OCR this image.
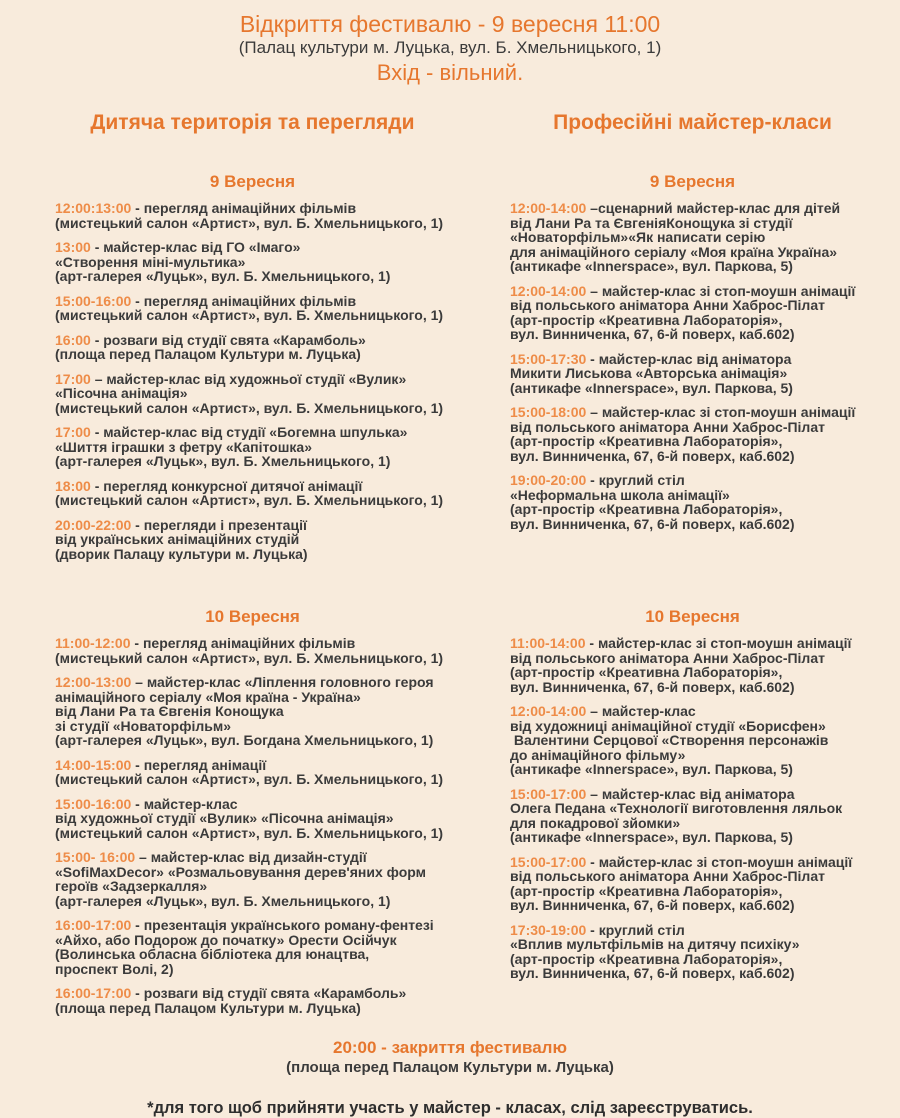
Відкриття фестивалю - 9 вересня 11:00
(Палац культури м. Луцька, вул. Б. Хмельницького, 1)
Вхід - вільний.
Дитяча територія та перегляди	Професійні майстер-класи
9 Вересня
12:00:13:00 - перегляд анімаційних фільмів
(мистецький салон «Артист», вул. Б. Хмельницького, 1)
13:00 - майстер-клас від ГО «Імаго»
«Створення міні-мультика»
(арт-галерея «Луцьк», вул. Б. Хмельницького, 1)
15:00-16:00 - перегляд анімаційних фільмів
(мистецький салон «Артист», вул. Б. Хмельницького, 1)
16:00 - розваги від студії свята «Карамболь»
(площа перед Палацом Культури м. Луцька)
17:00 – майстер-клас від художньої студії «Вулик»
«Пісочна анімація»
(мистецький салон «Артист», вул. Б. Хмельницького, 1)
17:00 - майстер-клас від студії «Богемна шпулька»
«Шиття іграшки з фетру «Капітошка»
(арт-галерея «Луцьк», вул. Б. Хмельницького, 1)
18:00 - перегляд конкурсної дитячої анімації
(мистецький салон «Артист», вул. Б. Хмельницького, 1)
20:00-22:00 - перегляди і презентації
від українських анімаційних студій
(дворик Палацу культури м. Луцька)
9 Вересня
12:00-14:00 –сценарний майстер-клас для дітей
від Лани Ра та ЄвгеніяКонощука зі студії
«Новаторфільм»«Як написати серію
для анімаційного серіалу «Моя країна Україна»
(антикафе «Innerspace», вул. Паркова, 5)
12:00-14:00 – майстер-клас зі стоп-моушн анімації
від польського аніматора Анни Хаброс-Пілат
(арт-простір «Креативна Лабораторія»,
вул. Винниченка, 67, 6-й поверх, каб.602)
15:00-17:30 - майстер-клас від аніматора
Микити Лиськова «Авторська анімація»
(антикафе «Innerspace», вул. Паркова, 5)
15:00-18:00 – майстер-клас зі стоп-моушн анімації
від польського аніматора Анни Хаброс-Пілат
(арт-простір «Креативна Лабораторія»,
вул. Винниченка, 67, 6-й поверх, каб.602)
19:00-20:00 - круглий стіл
«Неформальна школа анімації»
(арт-простір «Креативна Лабораторія»,
вул. Винниченка, 67, 6-й поверх, каб.602)
10 Вересня
11:00-12:00 - перегляд анімаційних фільмів
(мистецький салон «Артист», вул. Б. Хмельницького, 1)
12:00-13:00 – майстер-клас «Ліплення головного героя
анімаційного серіалу «Моя країна - Україна»
від Лани Ра та Євгенія Конощука
зі студії «Новаторфільм»
(арт-галерея «Луцьк», вул. Богдана Хмельницького, 1)
14:00-15:00 - перегляд анімації
(мистецький салон «Артист», вул. Б. Хмельницького, 1)
15:00-16:00 - майстер-клас
від художньої студії «Вулик» «Пісочна анімація»
(мистецький салон «Артист», вул. Б. Хмельницького, 1)
15:00- 16:00 – майстер-клас від дизайн-студії
«SofiMaxDecor» «Розмальовування дерев'яних форм
героїв «Задзеркалля»
(арт-галерея «Луцьк», вул. Б. Хмельницького, 1)
16:00-17:00 - презентація українського роману-фентезі
«Айхо, або Подорож до початку» Орести Осійчук
(Волинська обласна бібліотека для юнацтва,
проспект Волі, 2)
16:00-17:00 - розваги від студії свята «Карамболь»
(площа перед Палацом Культури м. Луцька)
10 Вересня
11:00-14:00 - майстер-клас зі стоп-моушн анімації
від польського аніматора Анни Хаброс-Пілат
(арт-простір «Креативна Лабораторія»,
вул. Винниченка, 67, 6-й поверх, каб.602)
12:00-14:00 – майстер-клас
від художниці анімаційної студії «Борисфен»
Валентини Серцової «Створення персонажів
до анімаційного фільму»
(антикафе «Innerspace», вул. Паркова, 5)
15:00-17:00 – майстер-клас від аніматора
Олега Педана «Технології виготовлення ляльок
для покадрової зйомки»
(антикафе «Innerspace», вул. Паркова, 5)
15:00-17:00 - майстер-клас зі стоп-моушн анімації
від польського аніматора Анни Хаброс-Пілат
(арт-простір «Креативна Лабораторія»,
вул. Винниченка, 67, 6-й поверх, каб.602)
17:30-19:00 - круглий стіл
«Вплив мультфільмів на дитячу психіку»
(арт-простір «Креативна Лабораторія»,
вул. Винниченка, 67, 6-й поверх, каб.602)
20:00 - закриття фестивалю
(площа перед Палацом Культури м. Луцька)
*для того щоб прийняти участь у майстер - класах, слід зареєструватись.
